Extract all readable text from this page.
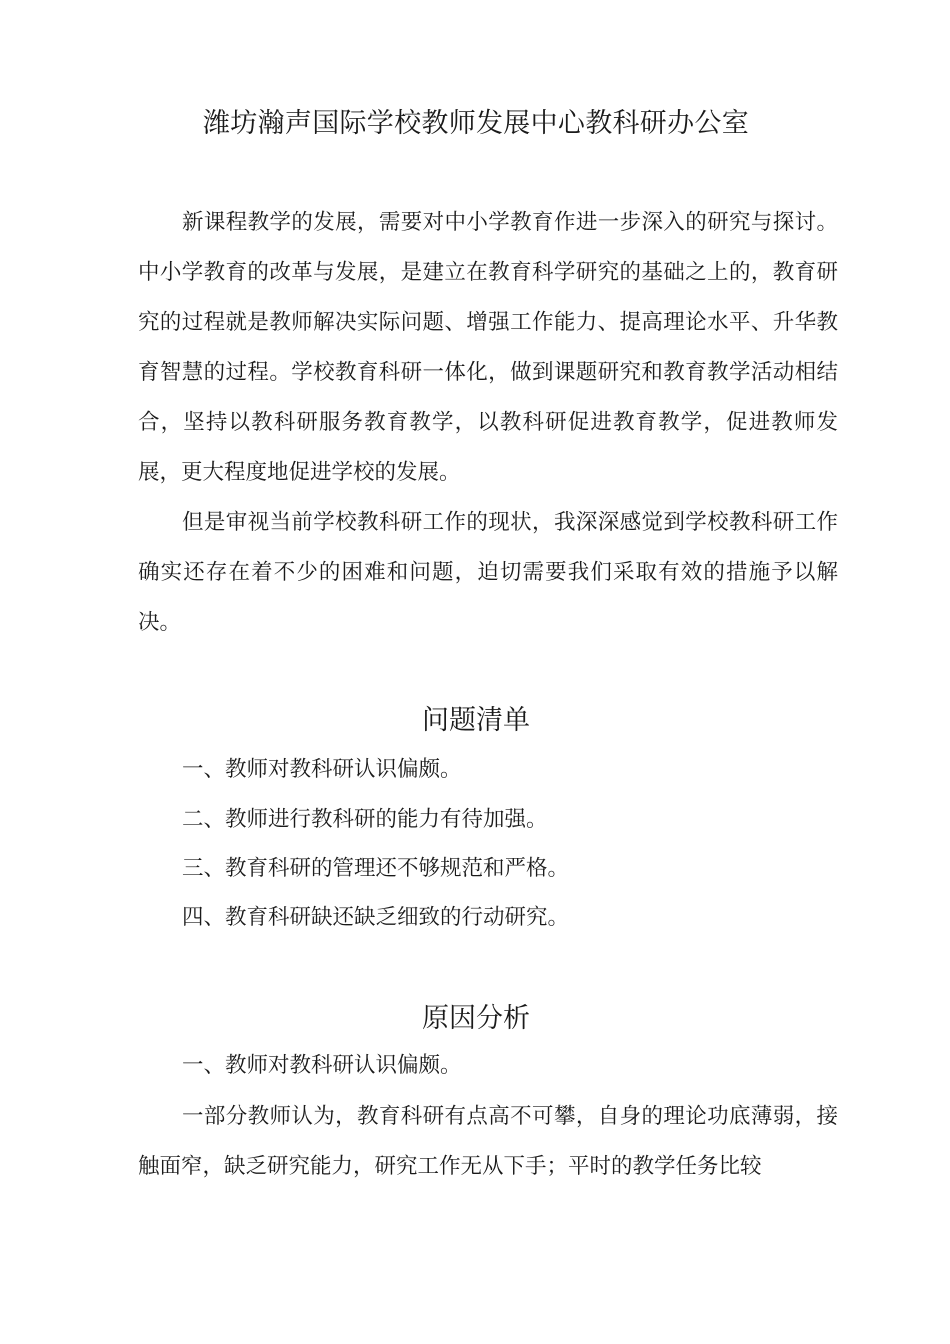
潍坊瀚声国际学校教师发展中心教科研办公室

新课程教学的发展，需要对中小学教育作进一步深入的研究与探讨。中小学教育的改革与发展，是建立在教育科学研究的基础之上的，教育研究的过程就是教师解决实际问题、增强工作能力、提高理论水平、升华教育智慧的过程。学校教育科研一体化，做到课题研究和教育教学活动相结合，坚持以教科研服务教育教学，以教科研促进教育教学，促进教师发展，更大程度地促进学校的发展。

但是审视当前学校教科研工作的现状，我深深感觉到学校教科研工作确实还存在着不少的困难和问题，迫切需要我们采取有效的措施予以解决。

问题清单
一、教师对教科研认识偏颇。
二、教师进行教科研的能力有待加强。
三、教育科研的管理还不够规范和严格。
四、教育科研缺还缺乏细致的行动研究。
原因分析
一、教师对教科研认识偏颇。

一部分教师认为，教育科研有点高不可攀，自身的理论功底薄弱，接触面窄，缺乏研究能力，研究工作无从下手；平时的教学任务比较
